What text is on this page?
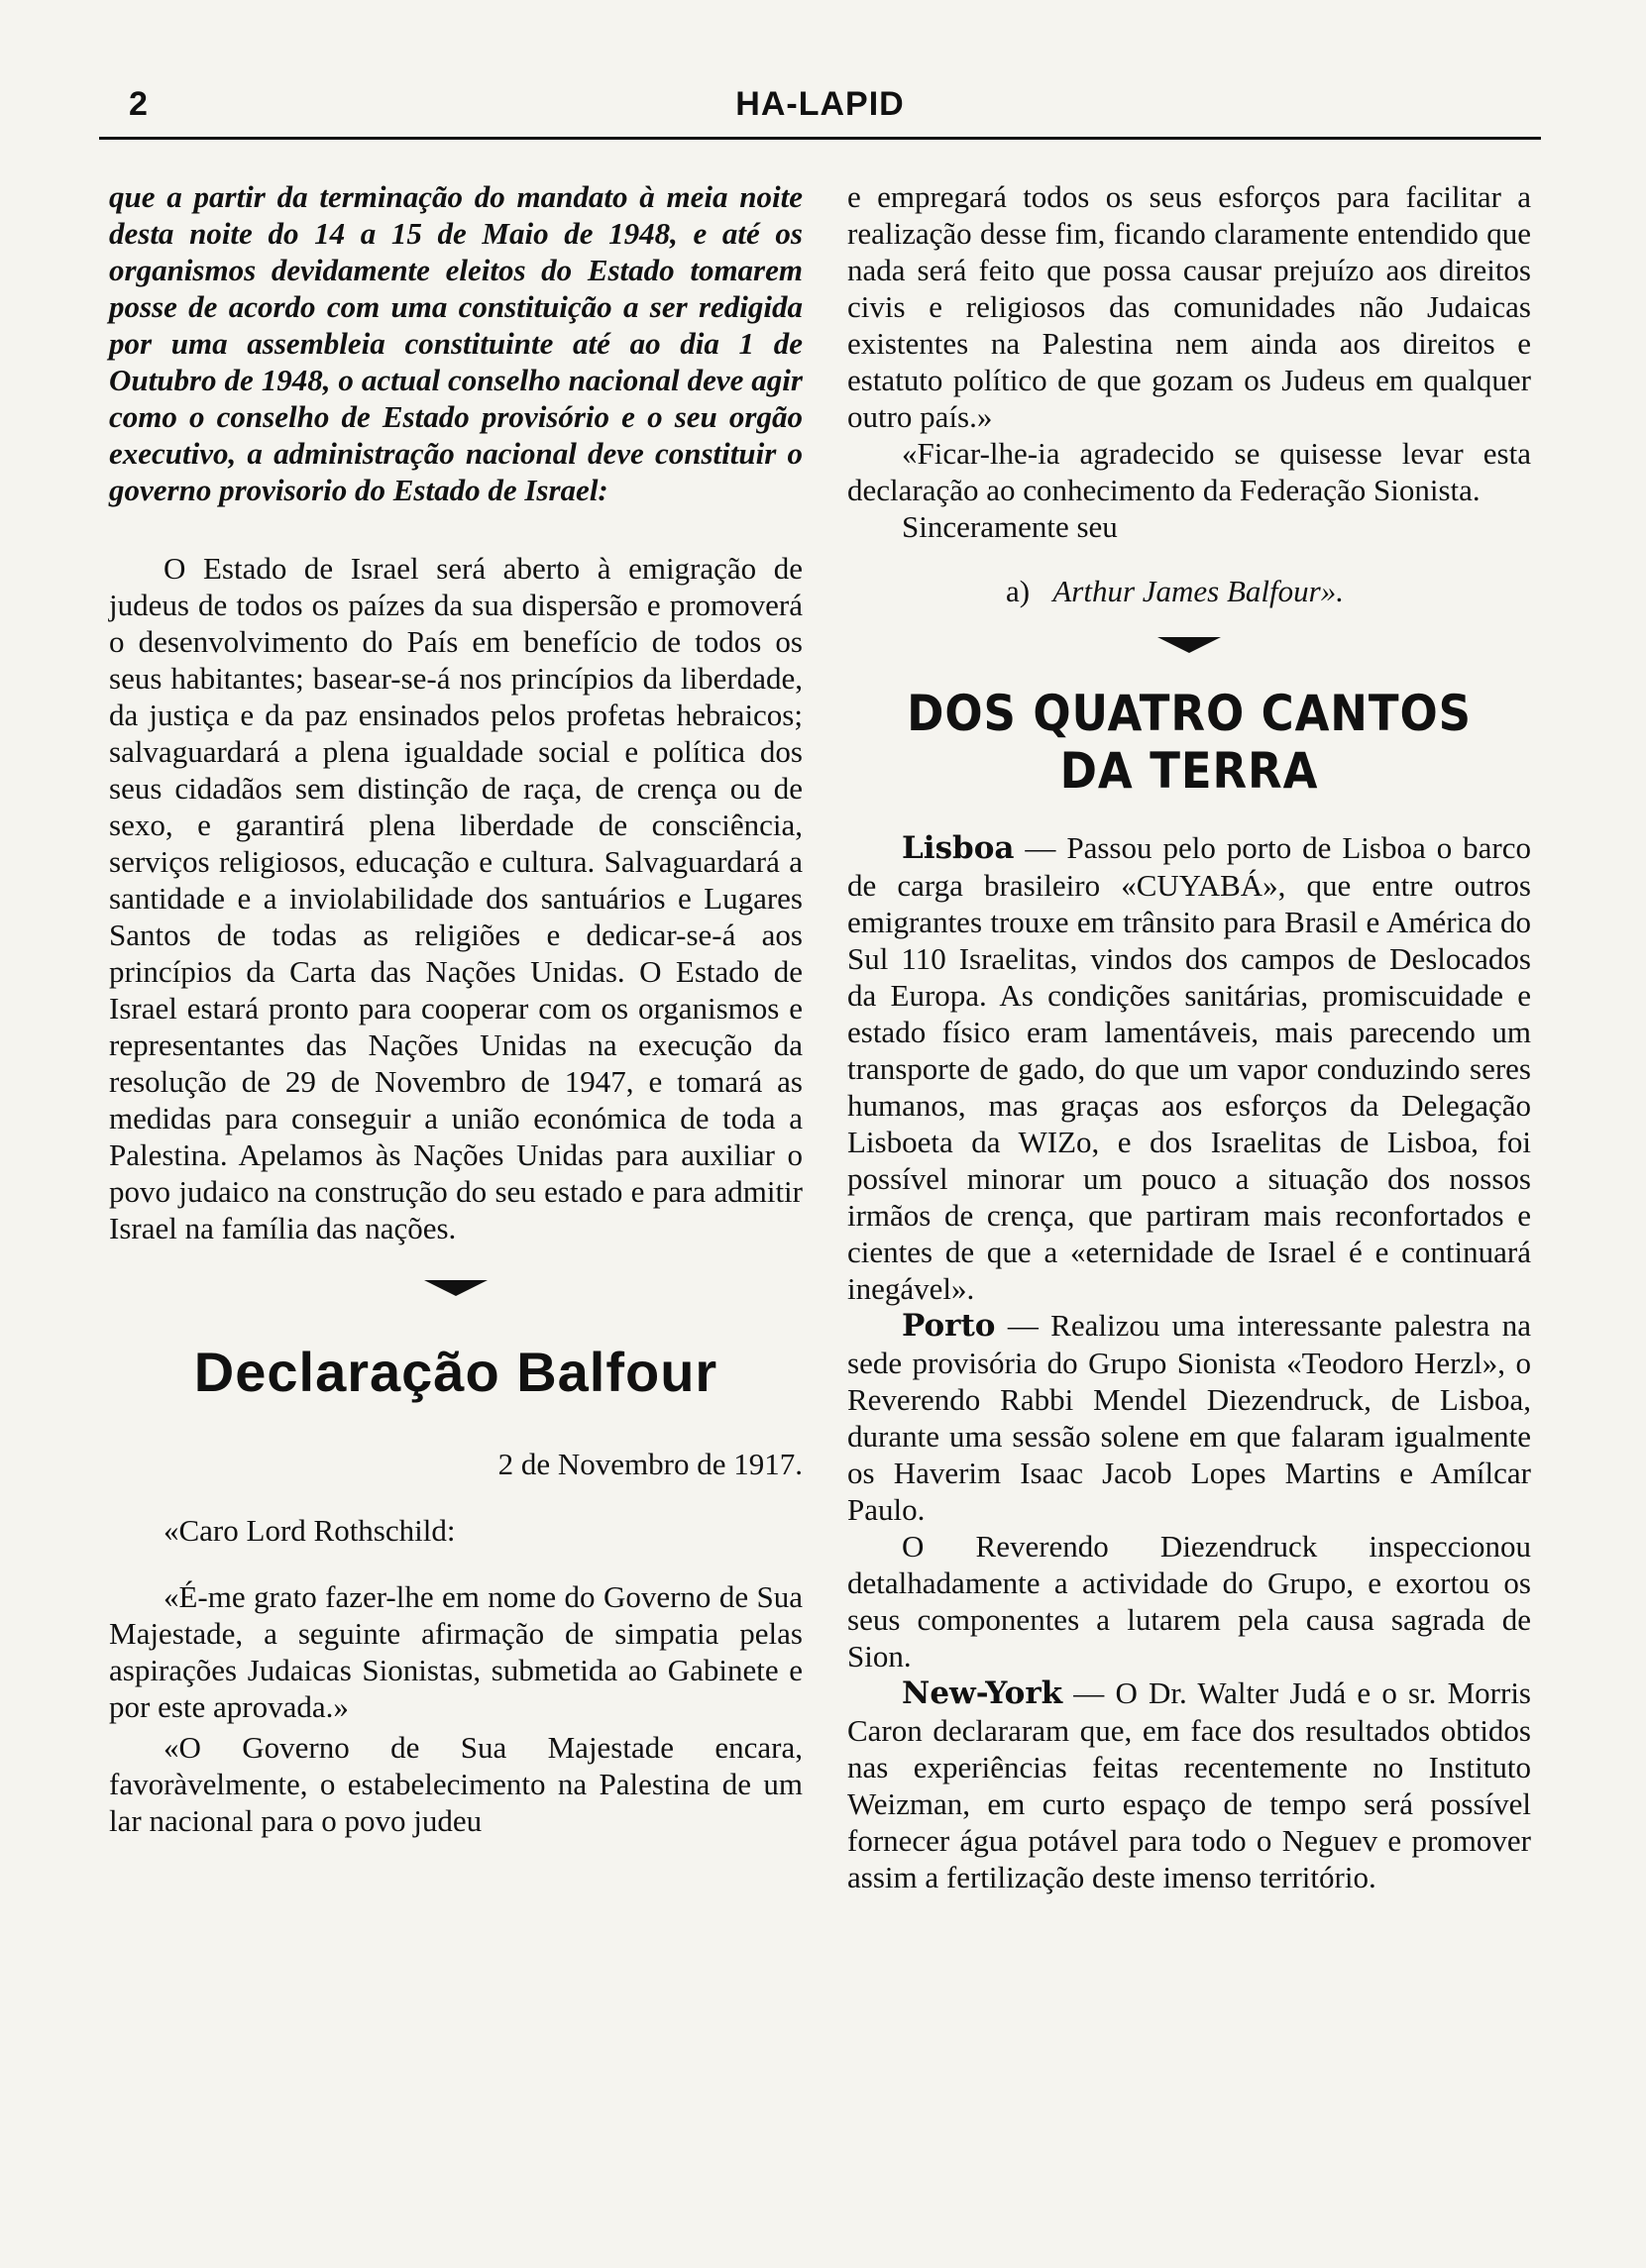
2	HA-LAPID

que a partir da terminação do mandato à meia noite desta noite do 14 a 15 de Maio de 1948, e até os organismos devidamente eleitos do Estado tomarem posse de acordo com uma constituição a ser redigida por uma assembleia constituinte até ao dia 1 de Outubro de 1948, o actual conselho nacional deve agir como o conselho de Estado provisório e o seu orgão executivo, a administração nacional deve constituir o governo provisorio do Estado de Israel:

O Estado de Israel será aberto à emigração de judeus de todos os paízes da sua dispersão e promoverá o desenvolvimento do País em benefício de todos os seus habitantes; basear-se-á nos princípios da liberdade, da justiça e da paz ensinados pelos profetas hebraicos; salvaguardará a plena igualdade social e política dos seus cidadãos sem distinção de raça, de crença ou de sexo, e garantirá plena liberdade de consciência, serviços religiosos, educação e cultura. Salvaguardará a santidade e a inviolabilidade dos santuários e Lugares Santos de todas as religiões e dedicar-se-á aos princípios da Carta das Nações Unidas. O Estado de Israel estará pronto para cooperar com os organismos e representantes das Nações Unidas na execução da resolução de 29 de Novembro de 1947, e tomará as medidas para conseguir a união económica de toda a Palestina. Apelamos às Nações Unidas para auxiliar o povo judaico na construção do seu estado e para admitir Israel na família das nações.

Declaração Balfour

2 de Novembro de 1917.

«Caro Lord Rothschild:

«É-me grato fazer-lhe em nome do Governo de Sua Majestade, a seguinte afirmação de simpatia pelas aspirações Judaicas Sionistas, submetida ao Gabinete e por este aprovada.»

«O Governo de Sua Majestade encara, favoràvelmente, o estabelecimento na Palestina de um lar nacional para o povo judeu

e empregará todos os seus esforços para facilitar a realização desse fim, ficando claramente entendido que nada será feito que possa causar prejuízo aos direitos civis e religiosos das comunidades não Judaicas existentes na Palestina nem ainda aos direitos e estatuto político de que gozam os Judeus em qualquer outro país.»

«Ficar-lhe-ia agradecido se quisesse levar esta declaração ao conhecimento da Federação Sionista.

Sinceramente seu

a) Arthur James Balfour».

DOS QUATRO CANTOS DA TERRA

Lisboa — Passou pelo porto de Lisboa o barco de carga brasileiro «CUYABÁ», que entre outros emigrantes trouxe em trânsito para Brasil e América do Sul 110 Israelitas, vindos dos campos de Deslocados da Europa. As condições sanitárias, promiscuidade e estado físico eram lamentáveis, mais parecendo um transporte de gado, do que um vapor conduzindo seres humanos, mas graças aos esforços da Delegação Lisboeta da WIZo, e dos Israelitas de Lisboa, foi possível minorar um pouco a situação dos nossos irmãos de crença, que partiram mais reconfortados e cientes de que a «eternidade de Israel é e continuará inegável».

Porto — Realizou uma interessante palestra na sede provisória do Grupo Sionista «Teodoro Herzl», o Reverendo Rabbi Mendel Diezendruck, de Lisboa, durante uma sessão solene em que falaram igualmente os Haverim Isaac Jacob Lopes Martins e Amílcar Paulo.

O Reverendo Diezendruck inspeccionou detalhadamente a actividade do Grupo, e exortou os seus componentes a lutarem pela causa sagrada de Sion.

New-York — O Dr. Walter Judá e o sr. Morris Caron declararam que, em face dos resultados obtidos nas experiências feitas recentemente no Instituto Weizman, em curto espaço de tempo será possível fornecer água potável para todo o Neguev e promover assim a fertilização deste imenso território.
